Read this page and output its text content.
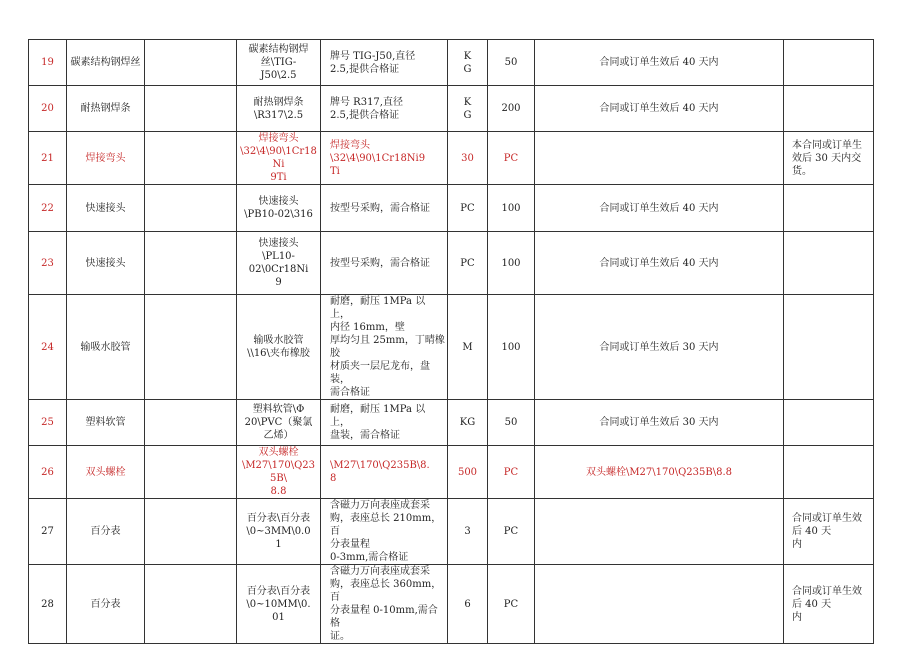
19	碳素结构钢焊丝		碳素结构钢焊
丝\TIG-
J50\2.5	牌号 TIG-J50,直径
2.5,提供合格证	K
G	50	合同或订单生效后 40 天内	

20	耐热钢焊条		耐热钢焊条
\R317\2.5	牌号 R317,直径
2.5,提供合格证	K
G	200	合同或订单生效后 40 天内	

21	焊接弯头		焊接弯头
\32\4\90\1Cr18Ni
9Ti	焊接弯头
\32\4\90\1Cr18Ni9
Ti	30	PC		本合同或订单生
效后 30 天内交
货。

22	快速接头		快速接头
\PB10-02\316	按型号采购，需合格证	PC	100	合同或订单生效后 40 天内	

23	快速接头		快速接头
\PL10-
02\0Cr18Ni
9	按型号采购，需合格证	PC	100	合同或订单生效后 40 天内	

24	输吸水胶管		输吸水胶管
\\16\夹布橡胶	耐磨，耐压 1MPa 以上，
内径 16mm，壁
厚均匀且 25mm，丁晴橡胶
材质夹一层尼龙布，盘装，
需合格证	M	100	合同或订单生效后 30 天内	

25	塑料软管		塑料软管\Φ
20\PVC（聚氯
乙烯）	耐磨，耐压 1MPa 以上，
盘装，需合格证	KG	50	合同或订单生效后 30 天内	

26	双头螺栓		双头螺栓
\M27\170\Q235B\
8.8	\M27\170\Q235B\8.
8	500	PC	双头螺栓\M27\170\Q235B\8.8	

27	百分表		百分表\百分表
\0~3MM\0.0
1	含磁力万向表座成套采
购，表座总长 210mm，百
分表量程
0-3mm,需合格证	3	PC		合同或订单生效
后 40 天
内

28	百分表		百分表\百分表
\0~10MM\0.
01	含磁力万向表座成套采
购，表座总长 360mm，百
分表量程 0-10mm,需合格
证。	6	PC		合同或订单生效
后 40 天
内
